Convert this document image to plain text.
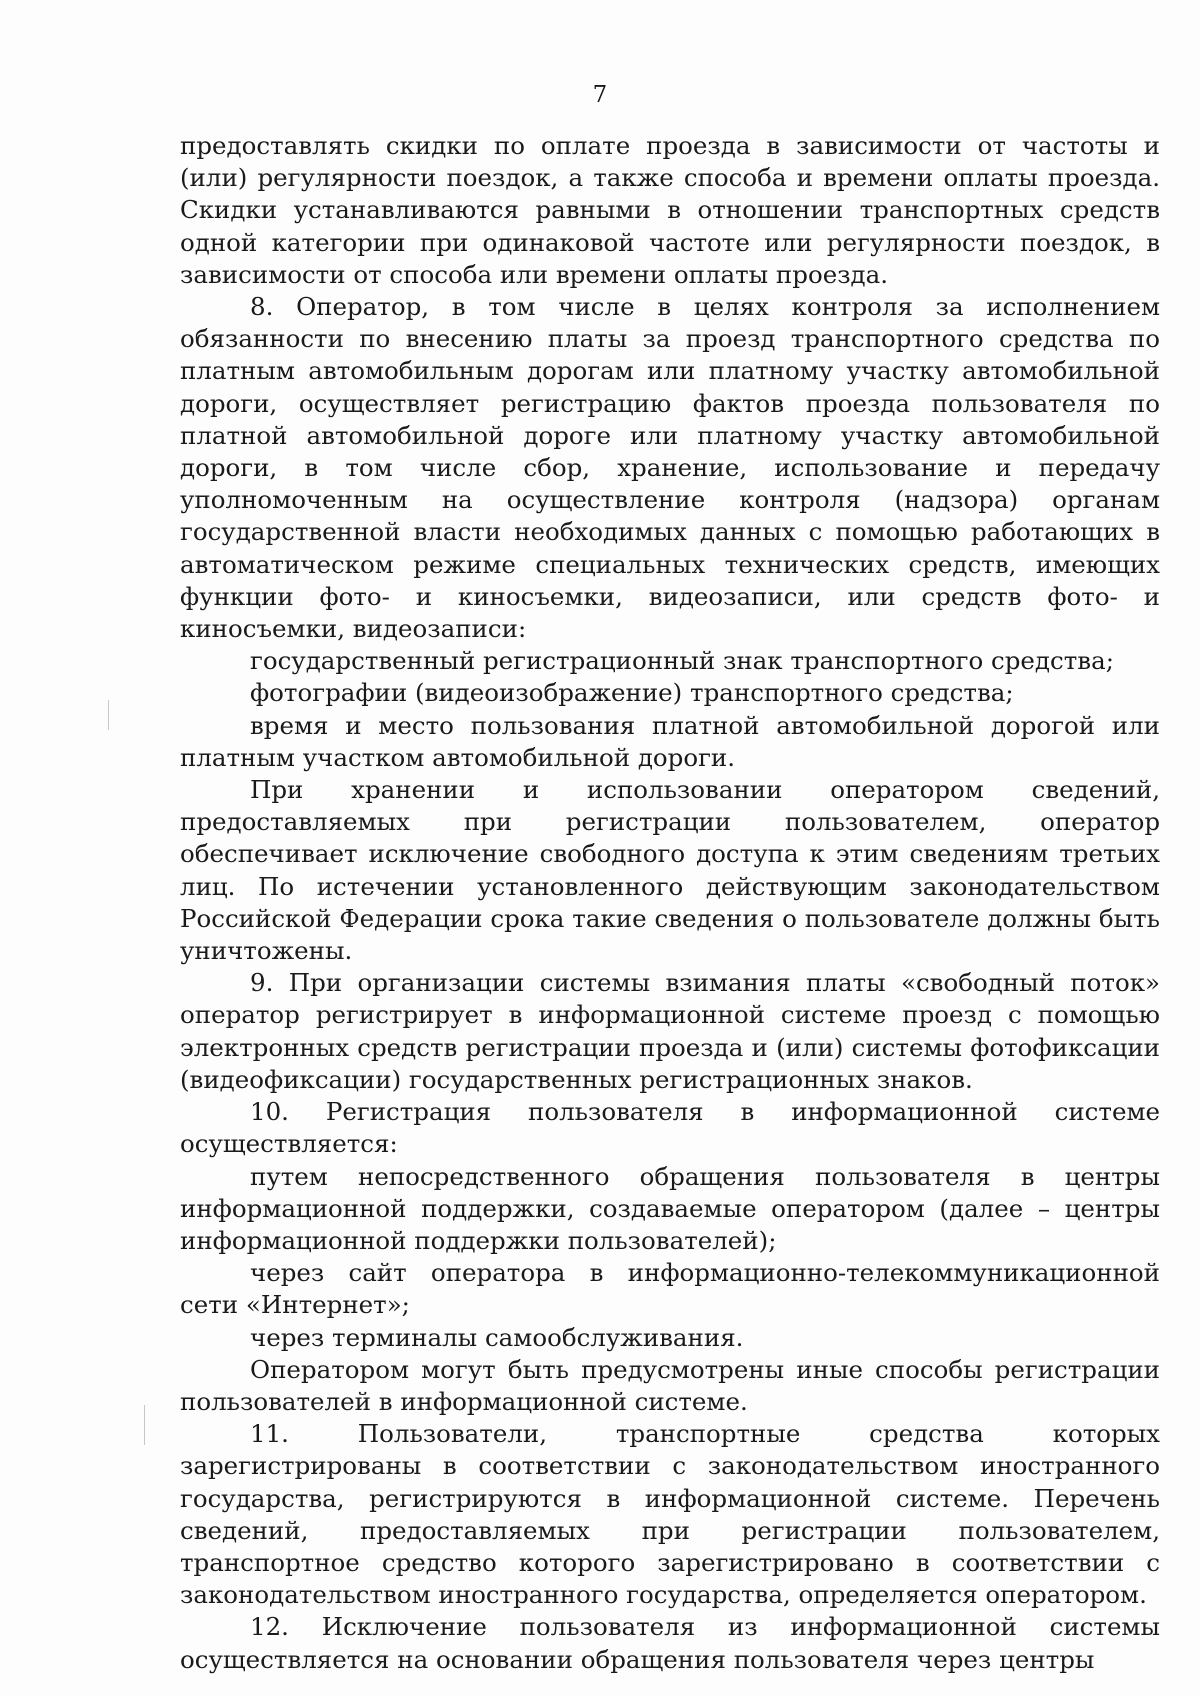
7

предоставлять скидки по оплате проезда в зависимости от частоты и (или) регулярности поездок, а также способа и времени оплаты проезда. Скидки устанавливаются равными в отношении транспортных средств одной категории при одинаковой частоте или регулярности поездок, в зависимости от способа или времени оплаты проезда.

8. Оператор, в том числе в целях контроля за исполнением обязанности по внесению платы за проезд транспортного средства по платным автомобильным дорогам или платному участку автомобильной дороги, осуществляет регистрацию фактов проезда пользователя по платной автомобильной дороге или платному участку автомобильной дороги, в том числе сбор, хранение, использование и передачу уполномоченным на осуществление контроля (надзора) органам государственной власти необходимых данных с помощью работающих в автоматическом режиме специальных технических средств, имеющих функции фото- и киносъемки, видеозаписи, или средств фото- и киносъемки, видеозаписи:

государственный регистрационный знак транспортного средства;

фотографии (видеоизображение) транспортного средства;

время и место пользования платной автомобильной дорогой или платным участком автомобильной дороги.

При хранении и использовании оператором сведений, предоставляемых при регистрации пользователем, оператор обеспечивает исключение свободного доступа к этим сведениям третьих лиц. По истечении установленного действующим законодательством Российской Федерации срока такие сведения о пользователе должны быть уничтожены.

9. При организации системы взимания платы «свободный поток» оператор регистрирует в информационной системе проезд с помощью электронных средств регистрации проезда и (или) системы фотофиксации (видеофиксации) государственных регистрационных знаков.

10. Регистрация пользователя в информационной системе осуществляется:

путем непосредственного обращения пользователя в центры информационной поддержки, создаваемые оператором (далее – центры информационной поддержки пользователей);

через сайт оператора в информационно-телекоммуникационной сети «Интернет»;

через терминалы самообслуживания.

Оператором могут быть предусмотрены иные способы регистрации пользователей в информационной системе.

11. Пользователи, транспортные средства которых зарегистрированы в соответствии с законодательством иностранного государства, регистрируются в информационной системе. Перечень сведений, предоставляемых при регистрации пользователем, транспортное средство которого зарегистрировано в соответствии с законодательством иностранного государства, определяется оператором.

12. Исключение пользователя из информационной системы осуществляется на основании обращения пользователя через центры
